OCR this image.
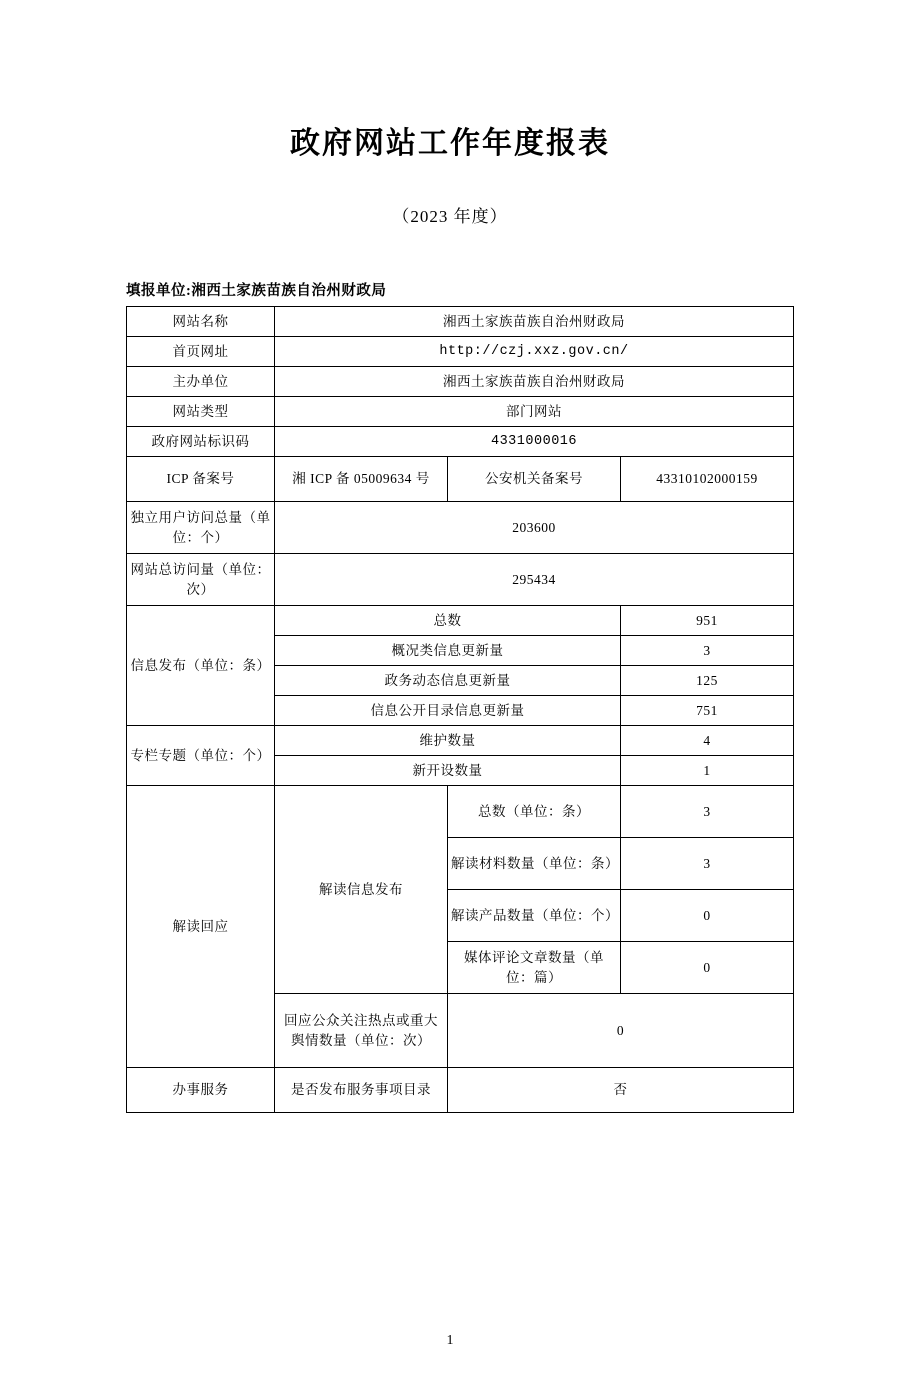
政府网站工作年度报表
（2023 年度）
填报单位:湘西土家族苗族自治州财政局
网站名称	湘西土家族苗族自治州财政局		
首页网址	http://czj.xxz.gov.cn/		
主办单位	湘西土家族苗族自治州财政局		
网站类型	部门网站		
政府网站标识码	4331000016		
ICP 备案号	湘 ICP 备 05009634 号	公安机关备案号	43310102000159
独立用户访问总量（单位：个）	203600		
网站总访问量（单位：次）	295434		
信息发布（单位：条）	总数		951
	概况类信息更新量		3
	政务动态信息更新量		125
	信息公开目录信息更新量		751
专栏专题（单位：个）	维护数量		4
	新开设数量		1
解读回应	解读信息发布	总数（单位：条）	3
		解读材料数量（单位：条）	3
		解读产品数量（单位：个）	0
		媒体评论文章数量（单位：篇）	0
	回应公众关注热点或重大舆情数量（单位：次）	0	
办事服务	是否发布服务事项目录	否	
1
